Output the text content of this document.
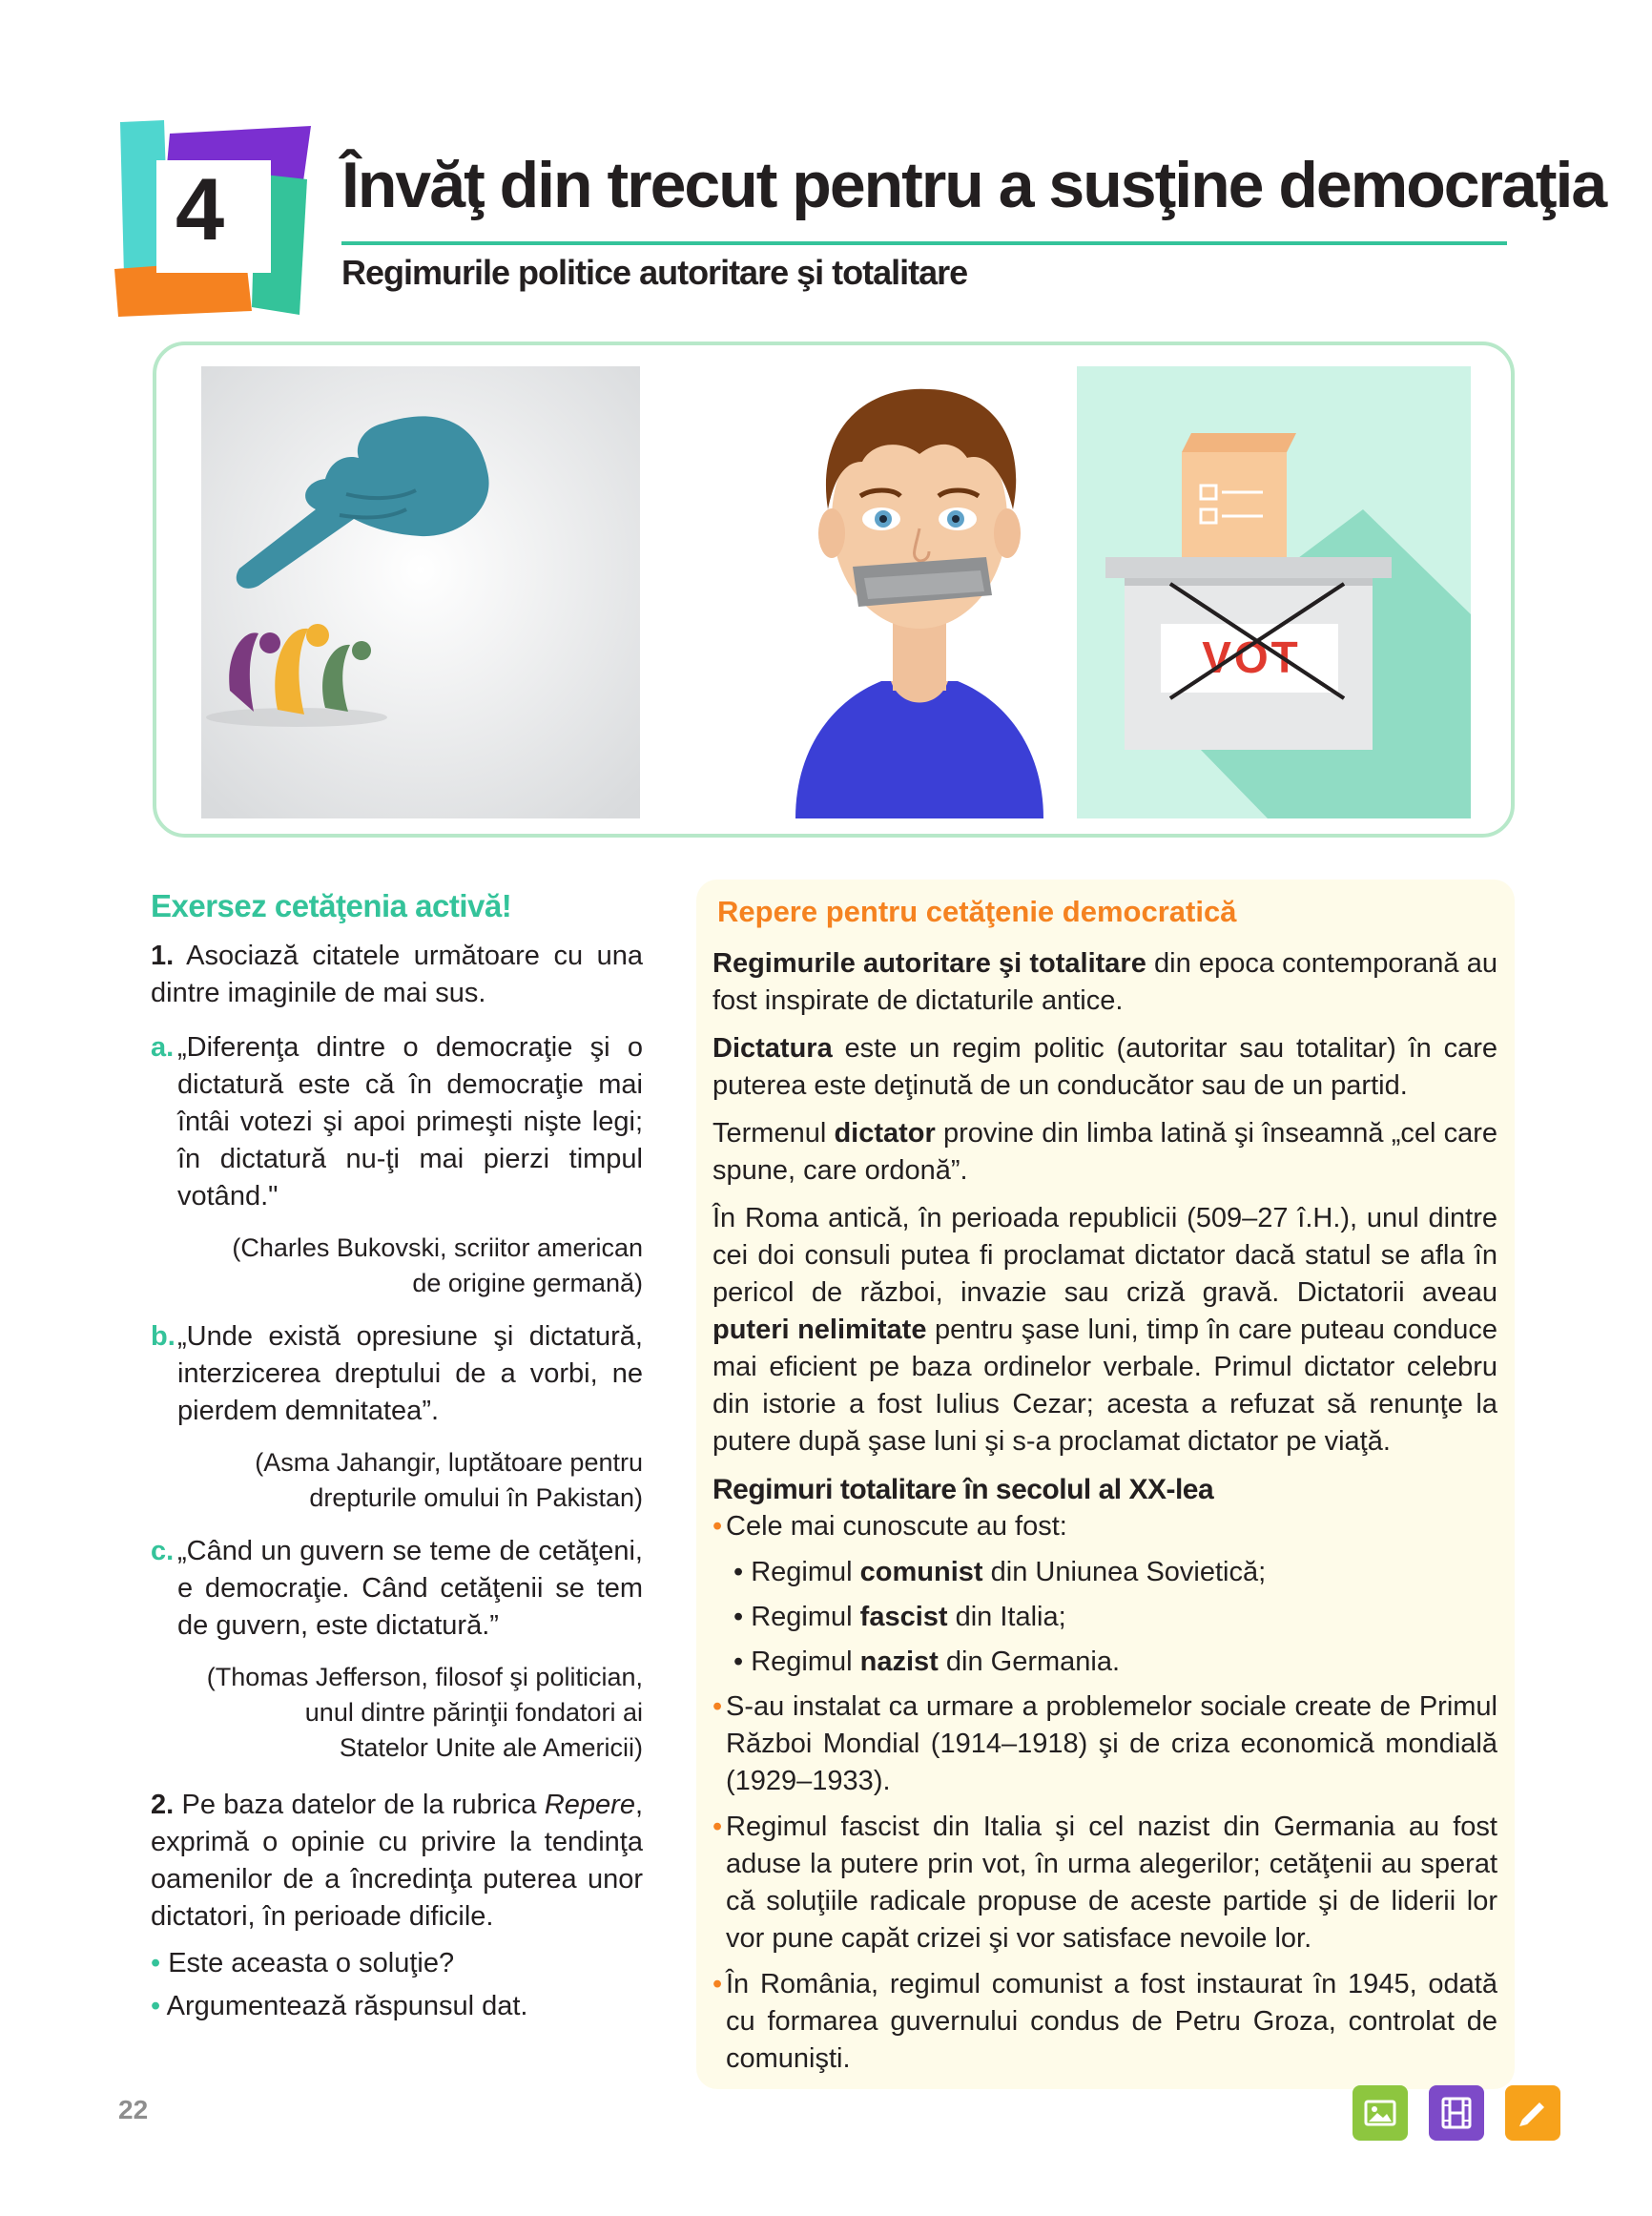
4 Învăţ din trecut pentru a susţine democraţia
Regimurile politice autoritare şi totalitare
VOT
Exersez cetăţenia activă!
1. Asociază citatele următoare cu una dintre imaginile de mai sus.
a. „Diferenţa dintre o democraţie şi o dictatură este că în democraţie mai întâi votezi şi apoi primeşti nişte legi; în dictatură nu-ţi mai pierzi timpul votând."
(Charles Bukovski, scriitor american
de origine germană)
b. „Unde există opresiune şi dictatură, interzicerea dreptului de a vorbi, ne pierdem demnitatea”.
(Asma Jahangir, luptătoare pentru
drepturile omului în Pakistan)
c. „Când un guvern se teme de cetăţeni, e democraţie. Când cetăţenii se tem de guvern, este dictatură.”
(Thomas Jefferson, filosof şi politician,
unul dintre părinţii fondatori ai
Statelor Unite ale Americii)
2. Pe baza datelor de la rubrica Repere, exprimă o opinie cu privire la tendinţa oamenilor de a încredinţa puterea unor dictatori, în perioade dificile.
• Este aceasta o soluţie?
• Argumentează răspunsul dat.
Repere pentru cetăţenie democratică
Regimurile autoritare şi totalitare din epoca contemporană au fost inspirate de dictaturile antice.
Dictatura este un regim politic (autoritar sau totalitar) în care puterea este deţinută de un conducător sau de un partid.
Termenul dictator provine din limba latină şi înseamnă „cel care spune, care ordonă”.
În Roma antică, în perioada republicii (509–27 î.H.), unul dintre cei doi consuli putea fi proclamat dictator dacă statul se afla în pericol de război, invazie sau criză gravă. Dictatorii aveau puteri nelimitate pentru şase luni, timp în care puteau conduce mai eficient pe baza ordinelor verbale. Primul dictator celebru din istorie a fost Iulius Cezar; acesta a refuzat să renunţe la putere după şase luni şi s-a proclamat dictator pe viaţă.
Regimuri totalitare în secolul al XX-lea
• Cele mai cunoscute au fost:
• Regimul comunist din Uniunea Sovietică;
• Regimul fascist din Italia;
• Regimul nazist din Germania.
• S-au instalat ca urmare a problemelor sociale create de Primul Război Mondial (1914–1918) şi de criza economică mondială (1929–1933).
• Regimul fascist din Italia şi cel nazist din Germania au fost aduse la putere prin vot, în urma alegerilor; cetăţenii au sperat că soluţiile radicale propuse de aceste partide şi de liderii lor vor pune capăt crizei şi vor satisface nevoile lor.
• În România, regimul comunist a fost instaurat în 1945, odată cu formarea guvernului condus de Petru Groza, controlat de comunişti.
22
